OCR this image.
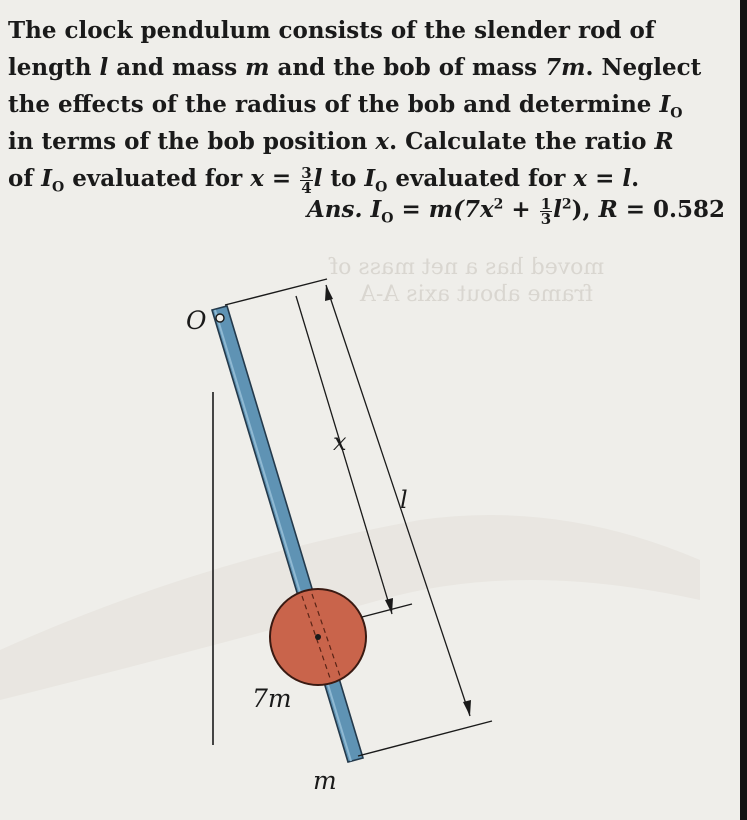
moved has a net mass of
frame about axis A-A
The clock pendulum consists of the slender rod of
length l and mass m and the bob of mass 7m. Neglect
the effects of the radius of the bob and determine $I_O$
in terms of the bob position x. Calculate the ratio R
of $I_O$ evaluated for $x = \frac{3}{4}$ l to $I_O$ evaluated for x = l.
Ans. $I_O = m(7x^2 + \frac{1}{3} l^2)$, R = 0.582
O
x
l
7m
m
